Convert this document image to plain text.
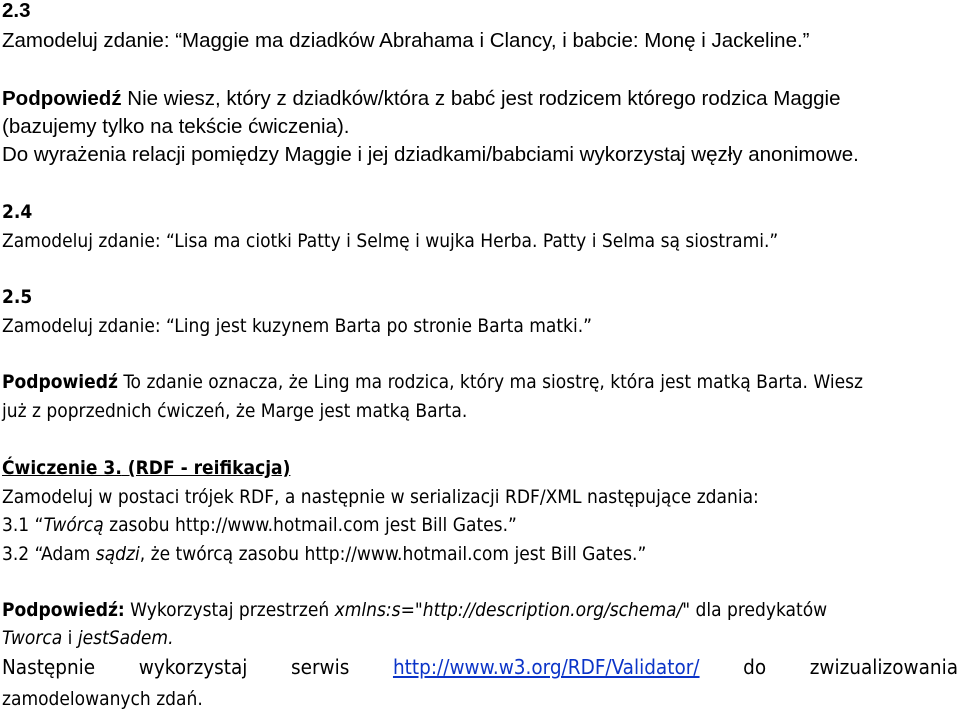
2.3
Zamodeluj zdanie: “Maggie ma dziadków Abrahama i Clancy, i babcie: Monę i Jackeline.”
Podpowiedź Nie wiesz, który z dziadków/która z babć jest rodzicem którego rodzica Maggie
(bazujemy tylko na tekście ćwiczenia).
Do wyrażenia relacji pomiędzy Maggie i jej dziadkami/babciami wykorzystaj węzły anonimowe.
2.4
Zamodeluj zdanie: “Lisa ma ciotki Patty i Selmę i wujka Herba. Patty i Selma są siostrami.”
2.5
Zamodeluj zdanie: “Ling jest kuzynem Barta po stronie Barta matki.”
Podpowiedź To zdanie oznacza, że Ling ma rodzica, który ma siostrę, która jest matką Barta. Wiesz
już z poprzednich ćwiczeń, że Marge jest matką Barta.
Ćwiczenie 3. (RDF - reifikacja)
Zamodeluj w postaci trójek RDF, a następnie w serializacji RDF/XML następujące zdania:
3.1 “Twórcą zasobu http://www.hotmail.com jest Bill Gates.”
3.2 “Adam sądzi, że twórcą zasobu http://www.hotmail.com jest Bill Gates.”
Podpowiedź: Wykorzystaj przestrzeń xmlns:s="http://description.org/schema/" dla predykatów
Tworca i jestSadem.
Następnie wykorzystaj serwis http://www.w3.org/RDF/Validator/ do zwizualizowania
zamodelowanych zdań.
